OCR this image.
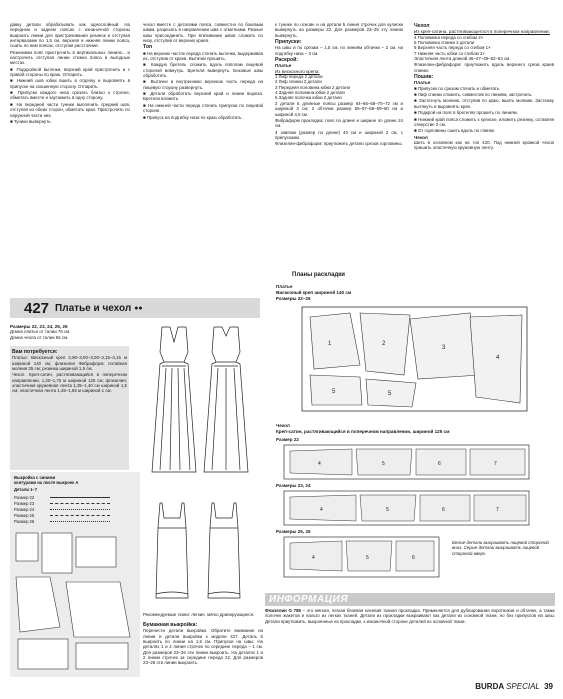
давку детали обрабатывать как однослойный. На переднем и заднем поясах с изнаночной стороны выкроить линии для пристрачивания резинок и отступая интервалами по 1,5 см, верхняя и нижняя линии пояса, сшить по ним поясах, отступая расстояние.

Резинками пояс пристрочить в вертикальных линиях... и настрочить отступая линии стежка пояса в выгодных местах.

■ Подкройной вытачки, верхний край пристрочить и с правой стороны по краю. Отпарить.

■ Нижний шов юбки вшить в отделку и выровнять в припуске на скошенную сторону. Отпарить.

■ Припуски каждого низа срезать близко к строчке, обметать вместе и заутюжить в одну сторону.

■ На передней части туники выполнить средний шов, отступая из обеих сторон, обметать края. Пристрочить по наружной части низ.

■ Туники вывернуть.

чехол вместе с деталями пояса, совместно по боковым швам, разрезать в направлении шва с отметками. Разные швы присоединить. При втачивании швов сложить по низу, отступив от верхних краев.

Топ

■ На верхних частях переда стачать вытачки, выдерживая их, отступив от краев. Вытачки прошить.

■ Каждую бретель сложить вдоль пополам лицевой стороной вовнутрь. Бретели вывернуть. Боковые швы обработать.

■ Вытачки и внутреннюю верхнюю часть переда на лицевую сторону развернуть.

■ Детали обработать верхний край и линии выреза. Бретели вложить.

■ На нижней части переда стачать припуски по лицевой стороне.

■ Припуск на подгибку низа по краю обработать.

к тунике по основе и на детали 5 линия строчек для кулиски вывернуть на размеры 22. Для размеров 23–25 эту линию вывернуть.

Припуски:

На швы и по срезам – 1,5 см, по линиям обтачки – 2 см, на подгибку низа – 3 см.

Раскрой:
Платье
Из вискозного крепа:
1 Лиф переда 2 детали
2 Лиф спинки 2 детали
3 Передняя половина юбки 2 детали
4 Задняя половина юбки 2 детали
5 Задняя полочка юбки 2 детали

2 детали в длинные поясы размер 64–66–68–70–72 см и шириной 3 см; 2 обтачки размер 56–57–58–59–60 см и шириной 3,5 см.

Фибраформ прокладка: пояс по длине и ширине по длине 24 см.

4 завязки (размер по длине) 40 см и шириной 2 см, с припусками.

Флизелин-фибраформ: приутюжить детали срезов горловины.

Чехол
Из креп-сатина, растягивающегося в поперечном направлении:
4 Половинка переда со сгибом 2×
5 Половинка спинки 2 детали
6 Верхняя часть переда со сгибом 1×
7 Нижняя часть юбки со сгибом 1×

Эластичная лента длиной 46–47–49–52–54 см.

Флизелин-фибраформ: приутюжить вдоль верхнего среза краев спинки.

Пошив:
Платье

■ Припуски по срезам стачать и обметать.

■ Лиф спинки сложить, совместив по линиям, застрочить.

■ Застегнуть молнию, отступив по краю, вшить молнию. Застежку вытянуть и выровнять края.

■ Подкрой на пояс в бретелях прошить по линиям.

■ Нижний край пояса сложить к кулиске, вложить резинку, оставляя отверстие 2 см.

■ От горловины сшить вдоль по спинке.

Чехол

Шить в основном как на топ 420. Под нижней кромкой чехла пришить эластичную кружевную ленту.

427 Платье и чехол ●●
Размеры 22, 23, 24, 25, 26
Длина платья от талии 76 см.
Длина чехла от талии 66 см.
Вам потребуется:

Платье: Вискозный креп 2,90–3,00–3,00–3,15–3,15 м шириной 140 см; флизелин Фибраформ; потайная молния 35 см; резинка шириной 1,5 см.

Чехол. Креп-сатин, растягивающийся в поперечном направлении, 1,20–1,75 м шириной 125 см; флизелин; эластичная кружевная лента 1,35–1,40 см шириной 1,5 см; эластичная лента 1,45–1,55 м шириной 1 см.

Выкройка с синими
контурами на листе выкроек А
Детали 1–7
Размер 22
Размер 23
Размер 24
Размер 25
Размер 26
Рекомендуемые ткани: легкие, мягко драпирующиеся.
Бумажная выкройка:

Перенести детали выкройки. Обратите внимание на линии и детали выкройки к модели 427. Деталь 5 выкроить по линии на 1,5 см. Припуски на швы: На деталях 1 и 2 линия строчек по середине переда – 1 см. Для размеров 23–26 эти линии выкроить. На деталях 1 и 2 линии строчек за середине переда 22. Для размеров 23–26 эти линии выкроить.

Планы раскладки
Платье
Вискозный креп шириной 140 см
Размеры 22–26
1	2
3
4
5	5
Чехол
Креп-сатин, растягивающийся в поперечном направлении, шириной 125 см
Размер 22
4	5	6	7
Размеры 23, 24
4	5	6	7
Размеры 25, 26
4	5	6
Белые детали выкраивать лицевой стороной вниз. Серые детали выкраивать лицевой стороной вверх.
ИНФОРМАЦИЯ
Флизелин G 785 – это мягкая, легкая бязевая клеевая тканая прокладка. Применяется для дублирования воротников и обтачек, а также полочек жакетов и пальто из легких тканей. Детали из прокладки выкраивают как детали из основной ткани, но без припусков на швы. Детали приутюжить, выкроенные из прокладки, к изнаночной стороне деталей из основной ткани.
BURDA SPECIAL 39
